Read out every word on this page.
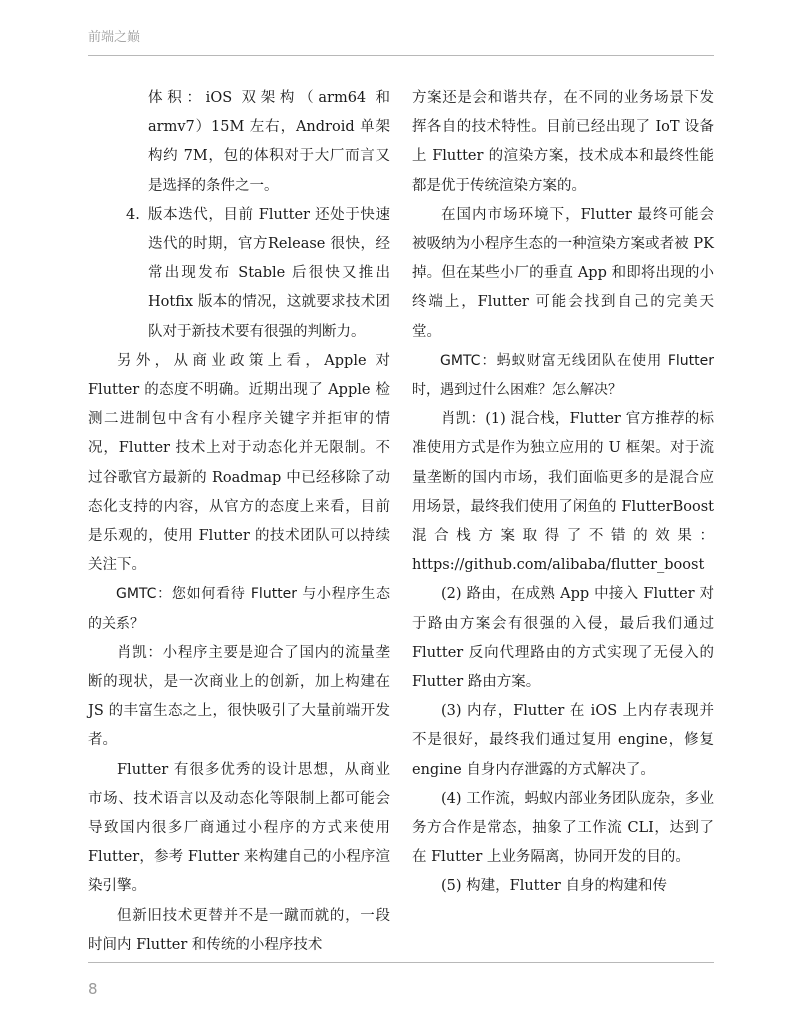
前端之巅

体积：iOS 双架构（arm64 和 armv7）15M 左右，Android 单架构约 7M，包的体积对于大厂而言又是选择的条件之一。

4. 版本迭代，目前 Flutter 还处于快速迭代的时期，官方Release 很快，经常出现发布 Stable 后很快又推出 Hotfix 版本的情况，这就要求技术团队对于新技术要有很强的判断力。

另外，从商业政策上看，Apple 对 Flutter 的态度不明确。近期出现了 Apple 检测二进制包中含有小程序关键字并拒审的情况，Flutter 技术上对于动态化并无限制。不过谷歌官方最新的 Roadmap 中已经移除了动态化支持的内容，从官方的态度上来看，目前是乐观的，使用 Flutter 的技术团队可以持续关注下。

GMTC：您如何看待 Flutter 与小程序生态的关系？

肖凯：小程序主要是迎合了国内的流量垄断的现状，是一次商业上的创新，加上构建在 JS 的丰富生态之上，很快吸引了大量前端开发者。

Flutter 有很多优秀的设计思想，从商业市场、技术语言以及动态化等限制上都可能会导致国内很多厂商通过小程序的方式来使用 Flutter，参考 Flutter 来构建自己的小程序渲染引擎。

但新旧技术更替并不是一蹴而就的，一段时间内 Flutter 和传统的小程序技术

方案还是会和谐共存，在不同的业务场景下发挥各自的技术特性。目前已经出现了 IoT 设备上 Flutter 的渲染方案，技术成本和最终性能都是优于传统渲染方案的。

在国内市场环境下，Flutter 最终可能会被吸纳为小程序生态的一种渲染方案或者被 PK 掉。但在某些小厂的垂直 App 和即将出现的小终端上，Flutter 可能会找到自己的完美天堂。

GMTC：蚂蚁财富无线团队在使用 Flutter 时，遇到过什么困难？怎么解决？

肖凯：(1) 混合栈，Flutter 官方推荐的标准使用方式是作为独立应用的 U 框架。对于流量垄断的国内市场，我们面临更多的是混合应用场景，最终我们使用了闲鱼的 FlutterBoost 混合栈方案取得了不错的效果：https://github.com/alibaba/flutter_boost

(2) 路由，在成熟 App 中接入 Flutter 对于路由方案会有很强的入侵，最后我们通过 Flutter 反向代理路由的方式实现了无侵入的 Flutter 路由方案。

(3) 内存，Flutter 在 iOS 上内存表现并不是很好，最终我们通过复用 engine，修复 engine 自身内存泄露的方式解决了。

(4) 工作流，蚂蚁内部业务团队庞杂，多业务方合作是常态，抽象了工作流 CLI，达到了在 Flutter 上业务隔离，协同开发的目的。

(5) 构建，Flutter 自身的构建和传

8
